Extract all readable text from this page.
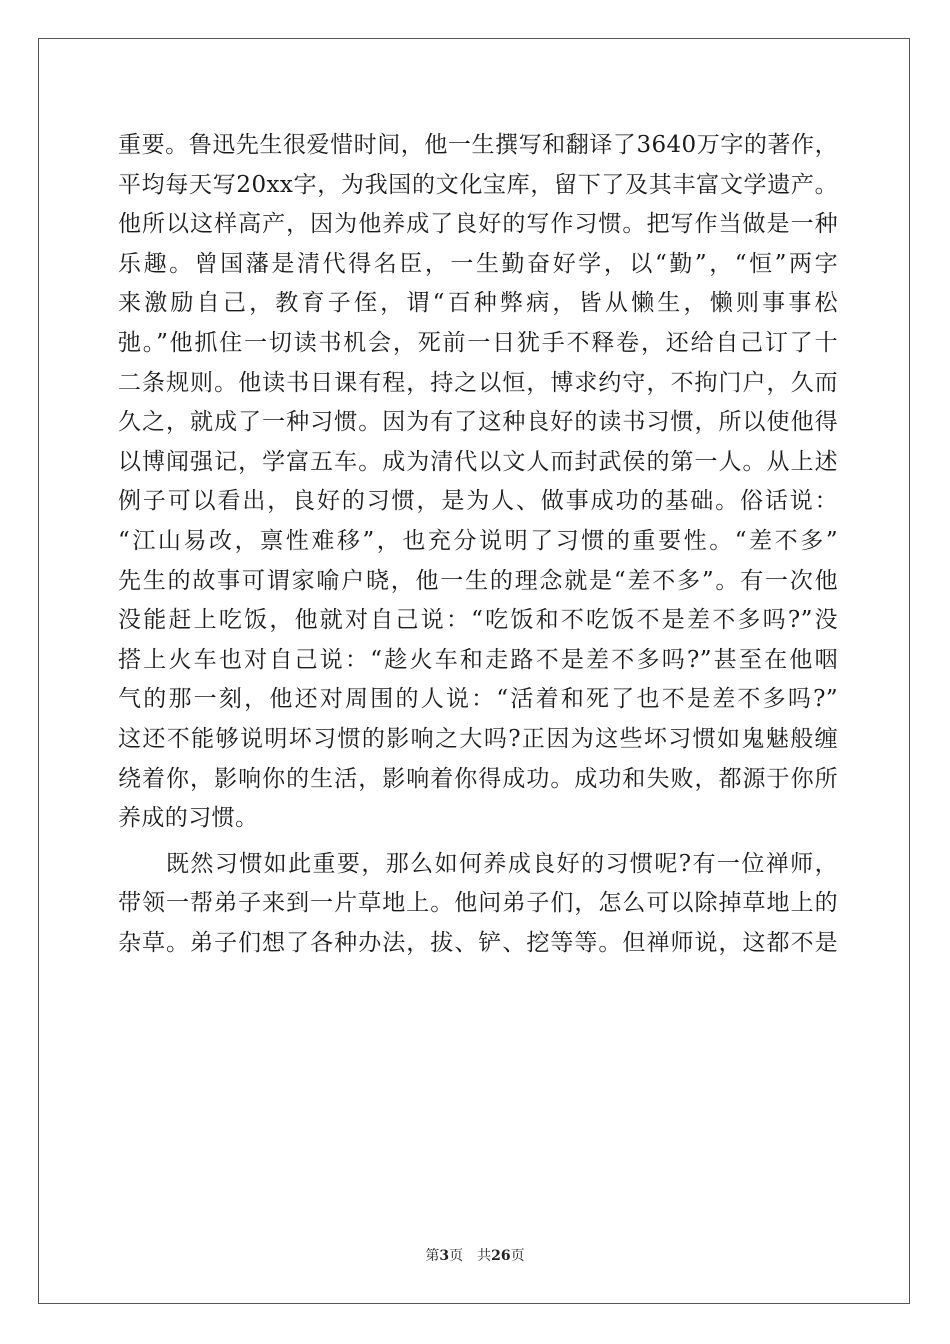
重要。鲁迅先生很爱惜时间，他一生撰写和翻译了3640万字的著作，
平均每天写20xx字，为我国的文化宝库，留下了及其丰富文学遗产。
他所以这样高产，因为他养成了良好的写作习惯。把写作当做是一种
乐趣。曾国藩是清代得名臣，一生勤奋好学，以“勤”，“恒”两字
来激励自己，教育子侄，谓“百种弊病，皆从懒生，懒则事事松
弛。”他抓住一切读书机会，死前一日犹手不释卷，还给自己订了十
二条规则。他读书日课有程，持之以恒，博求约守，不拘门户，久而
久之，就成了一种习惯。因为有了这种良好的读书习惯，所以使他得
以博闻强记，学富五车。成为清代以文人而封武侯的第一人。从上述
例子可以看出，良好的习惯，是为人、做事成功的基础。俗话说：
“江山易改，禀性难移”，也充分说明了习惯的重要性。“差不多”
先生的故事可谓家喻户晓，他一生的理念就是“差不多”。有一次他
没能赶上吃饭，他就对自己说：“吃饭和不吃饭不是差不多吗?”没
搭上火车也对自己说：“趁火车和走路不是差不多吗?”甚至在他咽
气的那一刻，他还对周围的人说：“活着和死了也不是差不多吗?”
这还不能够说明坏习惯的影响之大吗?正因为这些坏习惯如鬼魅般缠
绕着你，影响你的生活，影响着你得成功。成功和失败，都源于你所
养成的习惯。
既然习惯如此重要，那么如何养成良好的习惯呢?有一位禅师，
带领一帮弟子来到一片草地上。他问弟子们，怎么可以除掉草地上的
杂草。弟子们想了各种办法，拔、铲、挖等等。但禅师说，这都不是
第3页 共26页
